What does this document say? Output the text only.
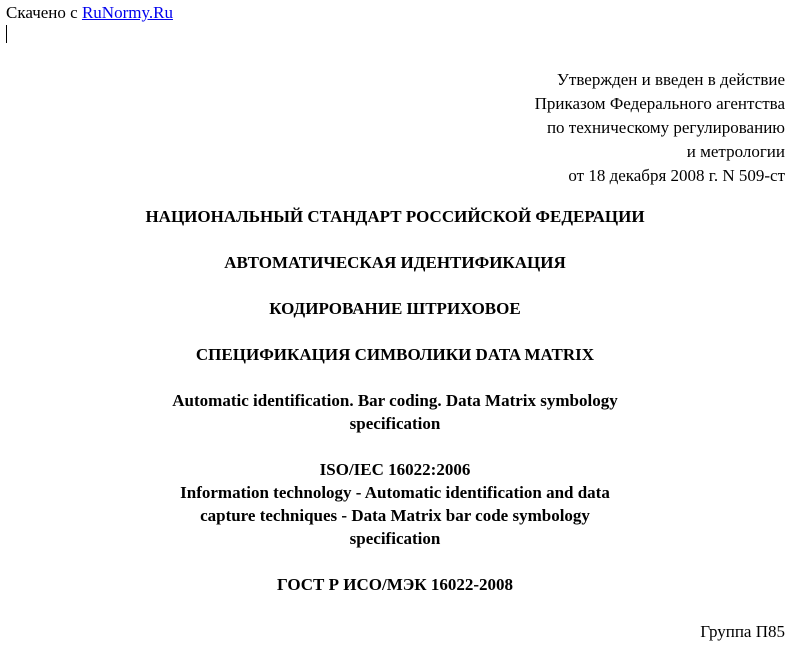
Скачено с RuNormy.Ru
Утвержден и введен в действие
Приказом Федерального агентства
по техническому регулированию
и метрологии
от 18 декабря 2008 г. N 509-ст
НАЦИОНАЛЬНЫЙ СТАНДАРТ РОССИЙСКОЙ ФЕДЕРАЦИИ
АВТОМАТИЧЕСКАЯ ИДЕНТИФИКАЦИЯ
КОДИРОВАНИЕ ШТРИХОВОЕ
СПЕЦИФИКАЦИЯ СИМВОЛИКИ DATA MATRIX
Automatic identification. Bar coding. Data Matrix symbology
specification
ISO/IEC 16022:2006
Information technology - Automatic identification and data
capture techniques - Data Matrix bar code symbology
specification
ГОСТ Р ИСО/МЭК 16022-2008
Группа П85
